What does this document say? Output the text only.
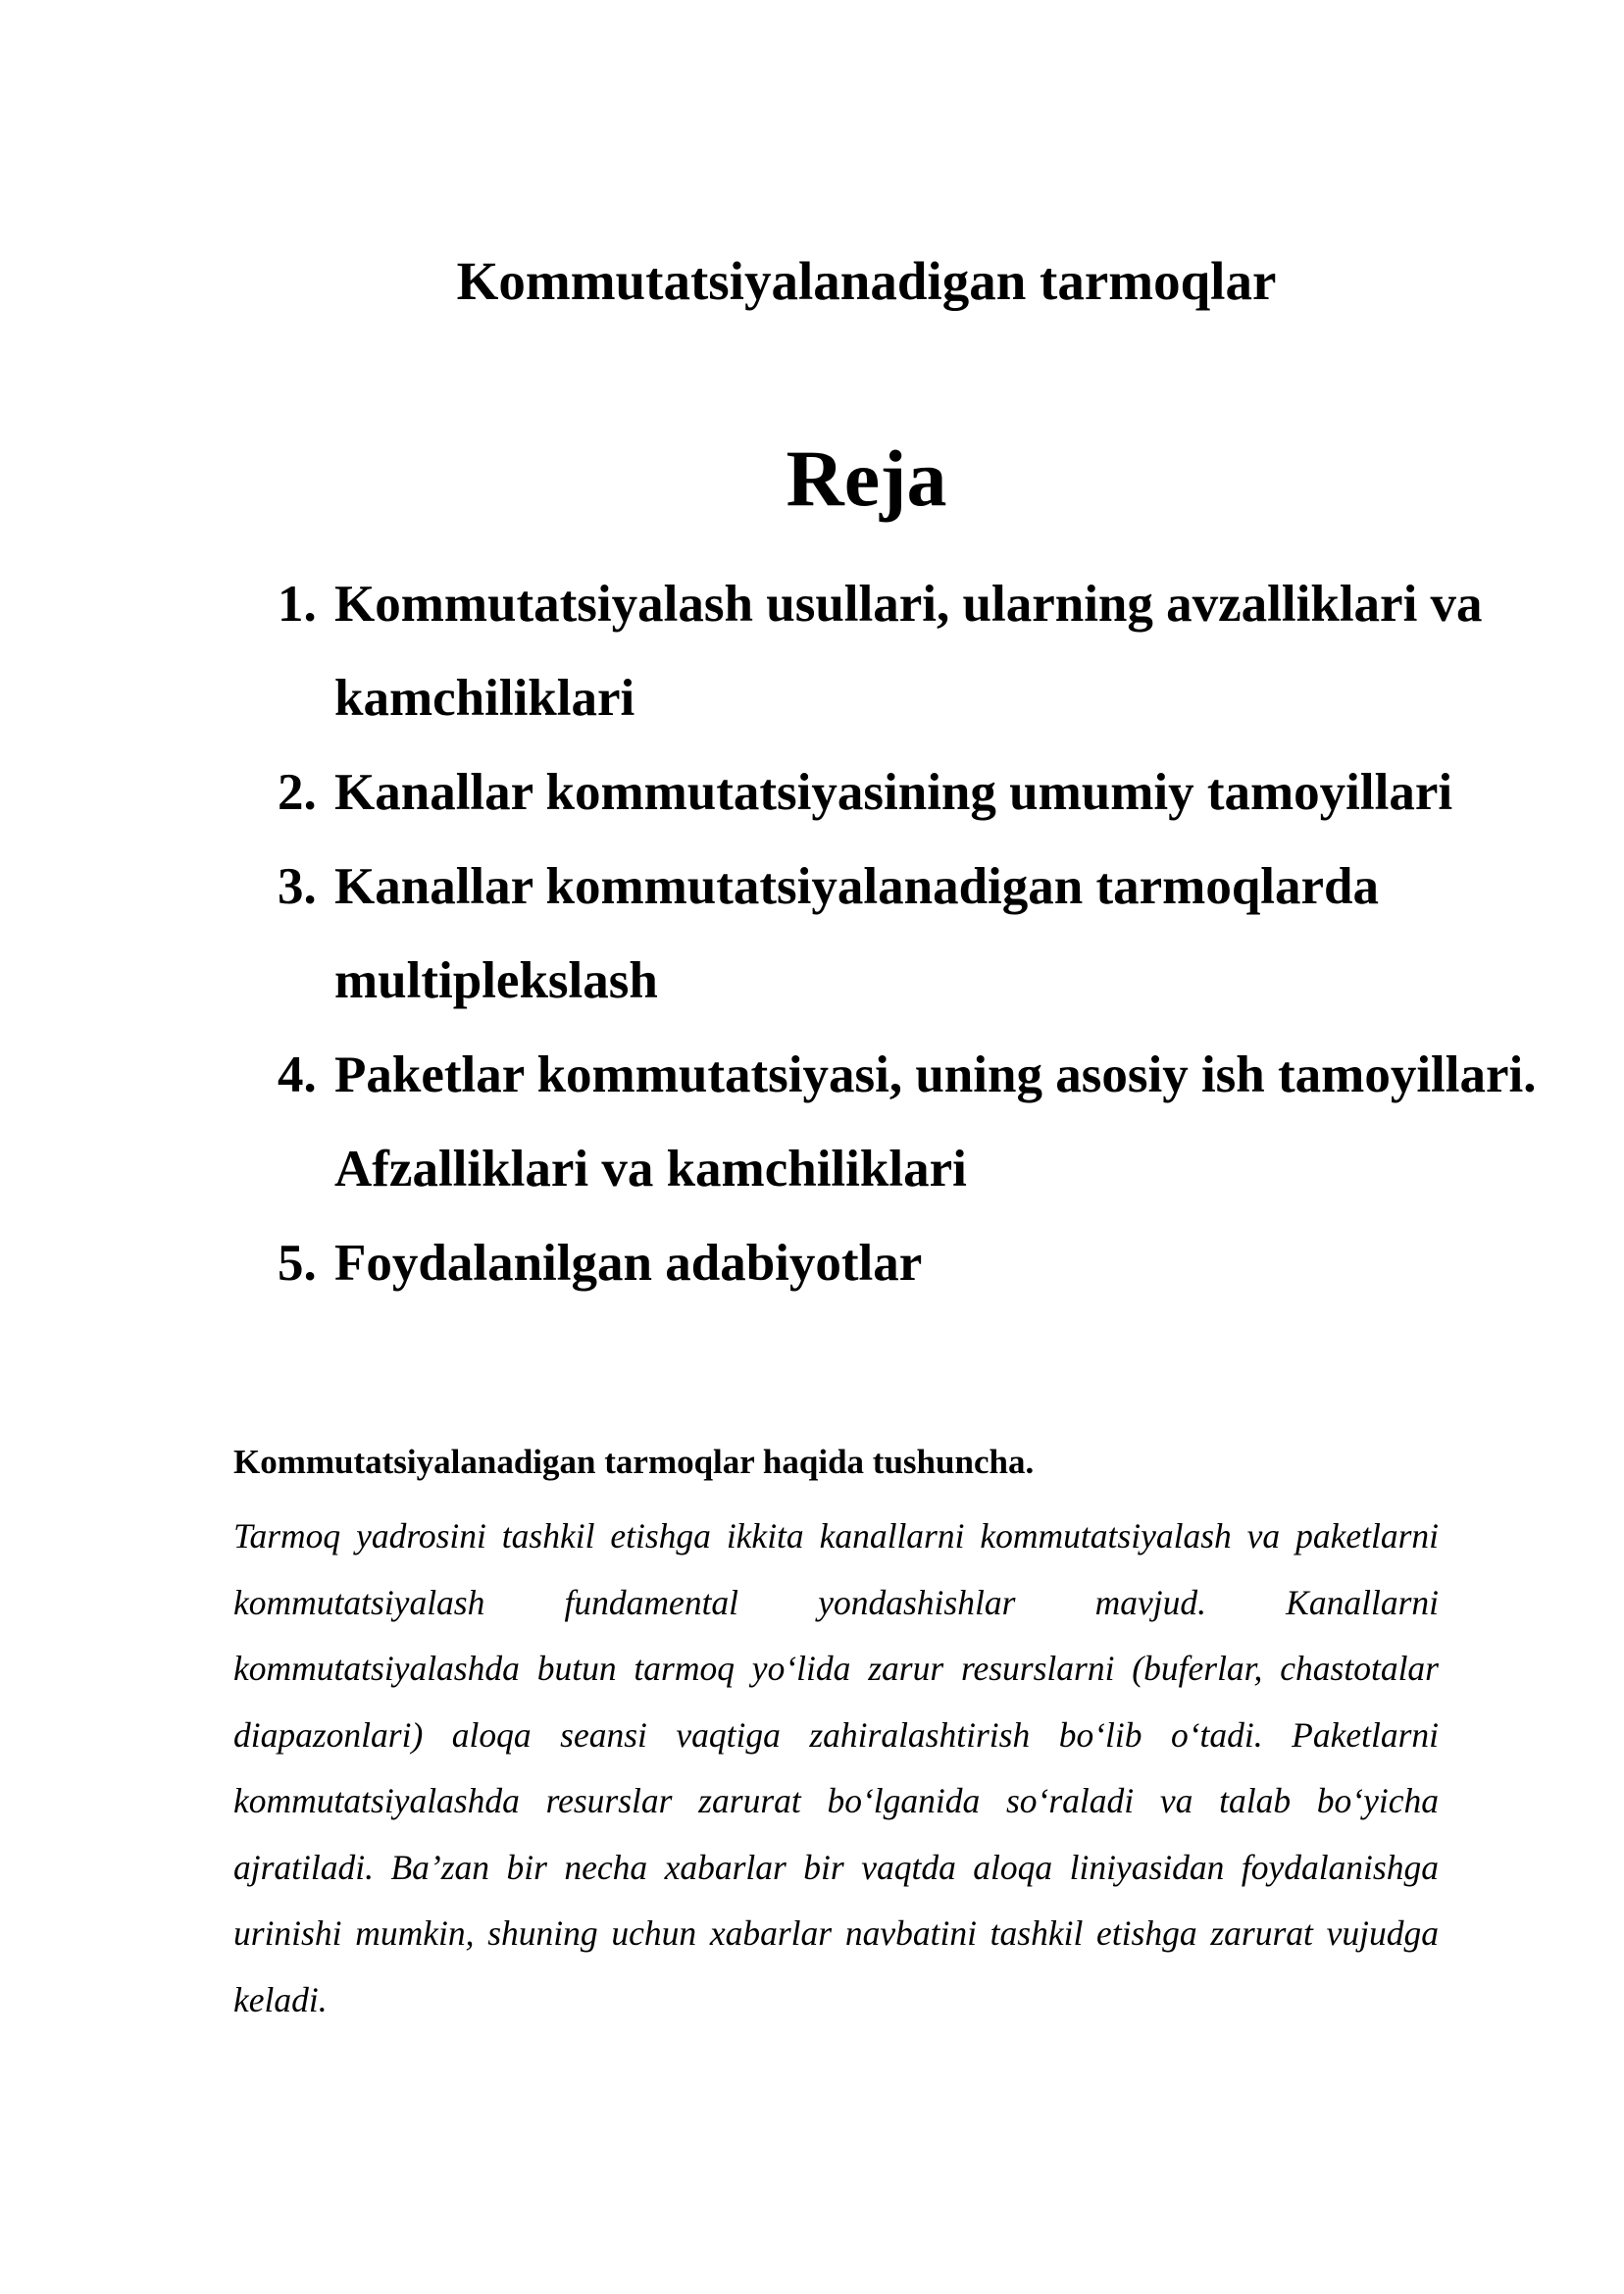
Kommutatsiyalanadigan tarmoqlar
Reja
1. Kommutatsiyalash usullari, ularning avzalliklari va kamchiliklari
2. Kanallar kommutatsiyasining umumiy tamoyillari
3. Kanallar kommutatsiyalanadigan tarmoqlarda multiplekslash
4. Paketlar kommutatsiyasi, uning asosiy ish tamoyillari. Afzalliklari va kamchiliklari
5. Foydalanilgan adabiyotlar
Kommutatsiyalanadigan tarmoqlar haqida tushuncha.

Tarmoq yadrosini tashkil etishga ikkita kanallarni kommutatsiyalash va paketlarni kommutatsiyalash fundamental yondashishlar mavjud. Kanallarni kommutatsiyalashda butun tarmoq yo‘lida zarur resurslarni (buferlar, chastotalar diapazonlari) aloqa seansi vaqtiga zahiralashtirish bo‘lib o‘tadi. Paketlarni kommutatsiyalashda resurslar zarurat bo‘lganida so‘raladi va talab bo‘yicha ajratiladi. Ba’zan bir necha xabarlar bir vaqtda aloqa liniyasidan foydalanishga urinishi mumkin, shuning uchun xabarlar navbatini tashkil etishga zarurat vujudga keladi.
